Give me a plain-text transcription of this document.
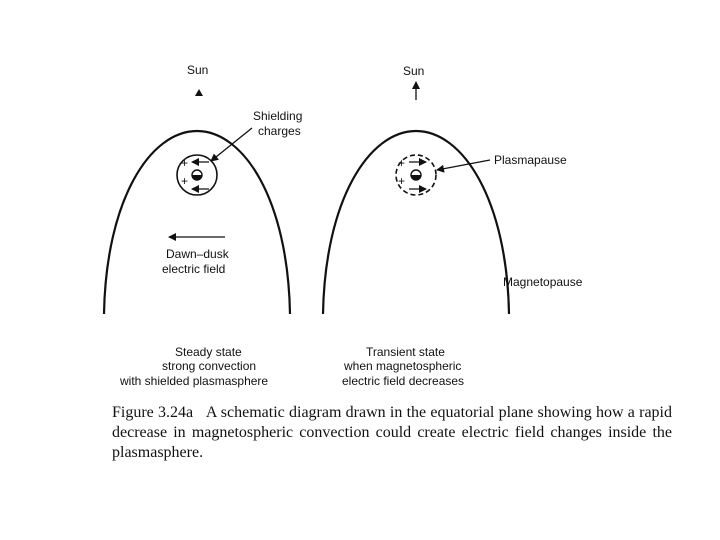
Sun
+
+
Shielding
charges
Dawn–dusk
electric field
Steady state
strong convection
with shielded plasmasphere
Sun
+
+
Plasmapause
Magnetopause
Transient state
when magnetospheric
electric field decreases
Figure 3.24a A schematic diagram drawn in the equatorial plane showing how a rapid decrease in magnetospheric convection could create electric field changes inside the plasmasphere.
